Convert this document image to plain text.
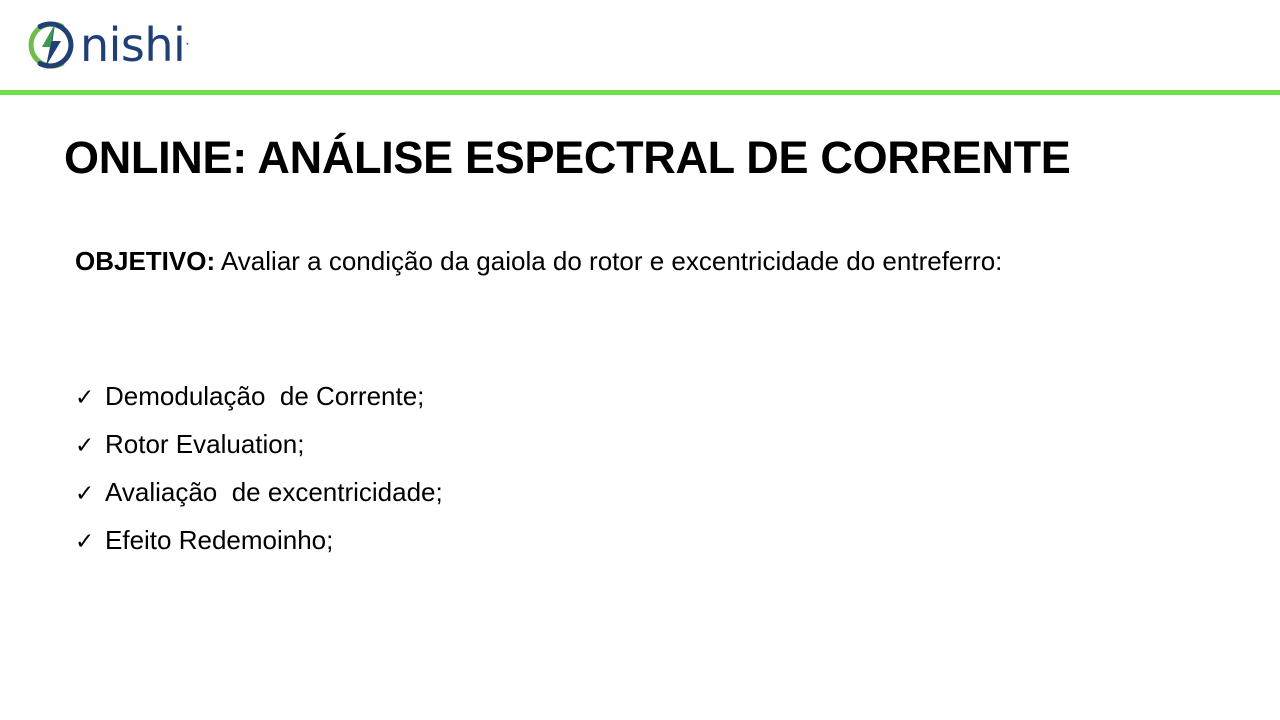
nishi.
ONLINE: ANÁLISE ESPECTRAL DE CORRENTE

OBJETIVO: Avaliar a condição da gaiola do rotor e excentricidade do entreferro:

✓ Demodulação  de Corrente;
✓ Rotor Evaluation;
✓ Avaliação  de excentricidade;
✓ Efeito Redemoinho;
